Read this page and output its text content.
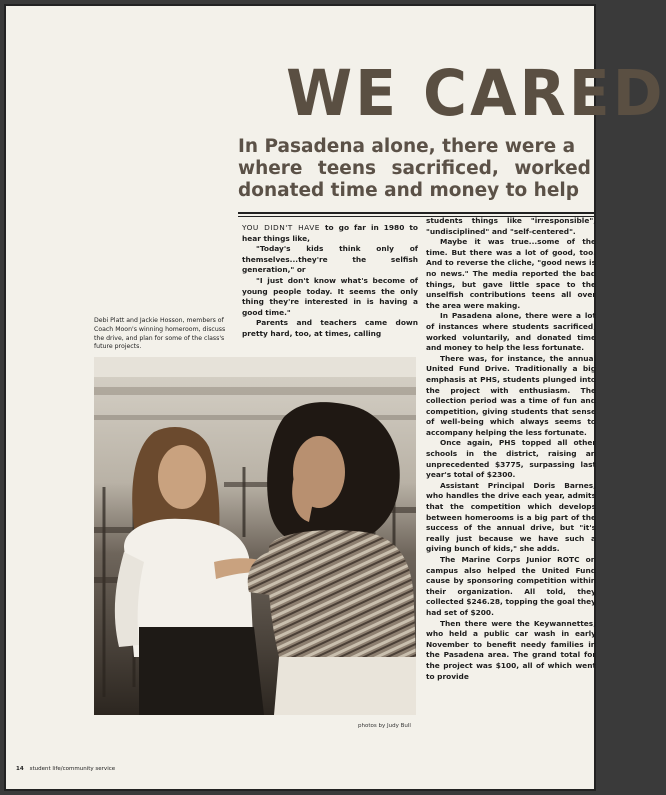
WE CARED
In Pasadena alone, there were a
where teens sacrificed, worked
donated time and money to help

YOU DIDN'T HAVE to go far in 1980 to hear things like,

"Today's kids think only of themselves...they're the selfish generation," or

"I just don't know what's become of young people today. It seems the only thing they're interested in is having a good time."

Parents and teachers came down pretty hard, too, at times, calling

students things like "irresponsible", "undisciplined" and "self-centered".

Maybe it was true...some of the time. But there was a lot of good, too. And to reverse the cliche, "good news is no news." The media reported the bad things, but gave little space to the unselfish contributions teens all over the area were making.

In Pasadena alone, there were a lot of instances where students sacrificed, worked voluntarily, and donated time and money to help the less fortunate.

There was, for instance, the annual United Fund Drive. Traditionally a big emphasis at PHS, students plunged into the project with enthusiasm. The collection period was a time of fun and competition, giving students that sense of well-being which always seems to accompany helping the less fortunate.

Once again, PHS topped all other schools in the district, raising an unprecedented $3775, surpassing last year's total of $2300.

Assistant Principal Doris Barnes, who handles the drive each year, admits that the competition which develops between homerooms is a big part of the success of the annual drive, but "it's really just because we have such a giving bunch of kids," she adds.

The Marine Corps Junior ROTC on campus also helped the United Fund cause by sponsoring competition within their organization. All told, they collected $246.28, topping the goal they had set of $200.

Then there were the Keywannettes, who held a public car wash in early November to benefit needy families in the Pasadena area. The grand total for the project was $100, all of which went to provide

Debi Platt and Jackie Hosson, members of Coach Moon's winning homeroom, discuss the drive, and plan for some of the class's future projects.
photos by Judy Bull
14 student life/community service
